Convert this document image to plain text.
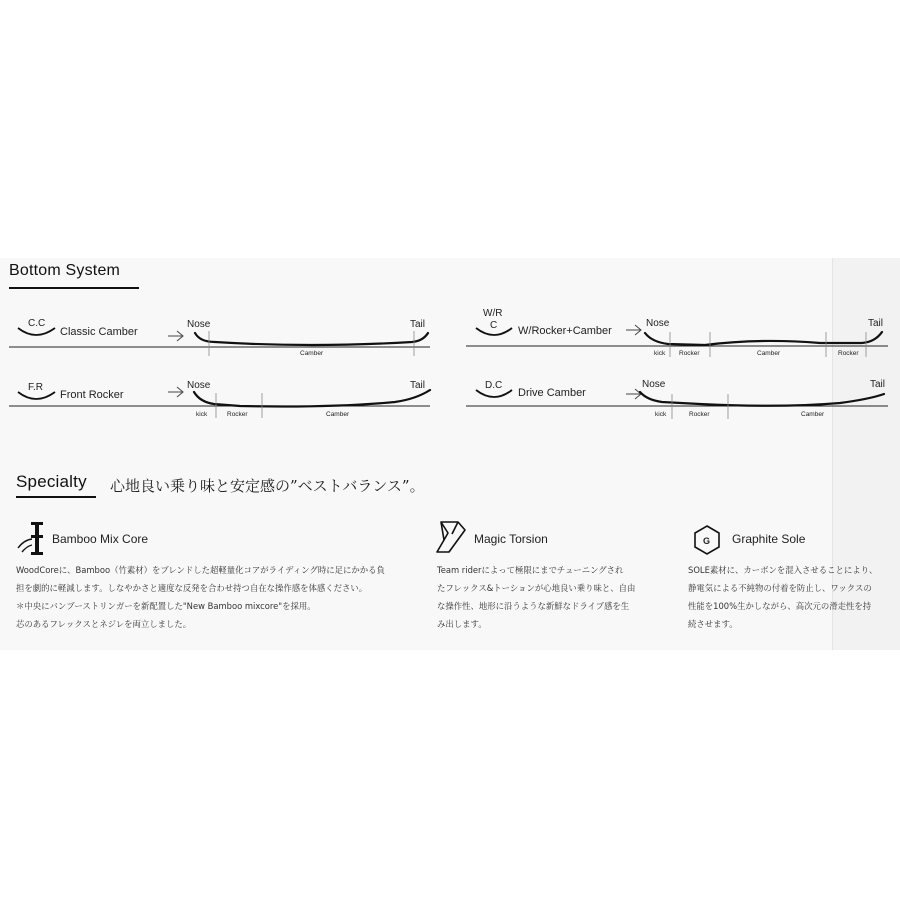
Bottom System
C.C
F.R
W/R
C
D.C
Classic Camber
Front Rocker
W/Rocker+Camber
Drive Camber
Nose	Tail
Nose	Tail
Nose	Tail
Nose	Tail
Camber
kick	Rocker	Camber
kick Rocker	Camber	Rocker
kick	Rocker	Camber
Specialty 心地良い乗り味と安定感の”ベストバランス”。
G
Bamboo Mix Core	Magic Torsion	Graphite Sole
WoodCoreに、Bamboo（竹素材）をブレンドした超軽量化コアがライディング時に足にかかる負
担を劇的に軽減します。しなやかさと適度な反発を合わせ持つ自在な操作感を体感ください。
＊中央にバンブーストリンガーを新配置した"New Bamboo mixcore"を採用。
芯のあるフレックスとネジレを両立しました。
Team riderによって極限にまでチューニングされ
たフレックス&トーションが心地良い乗り味と、自由
な操作性、地形に沿うような新鮮なドライブ感を生
み出します。
SOLE素材に、カーボンを混入させることにより、
静電気による不純物の付着を防止し、ワックスの
性能を100%生かしながら、高次元の滑走性を持
続させます。
